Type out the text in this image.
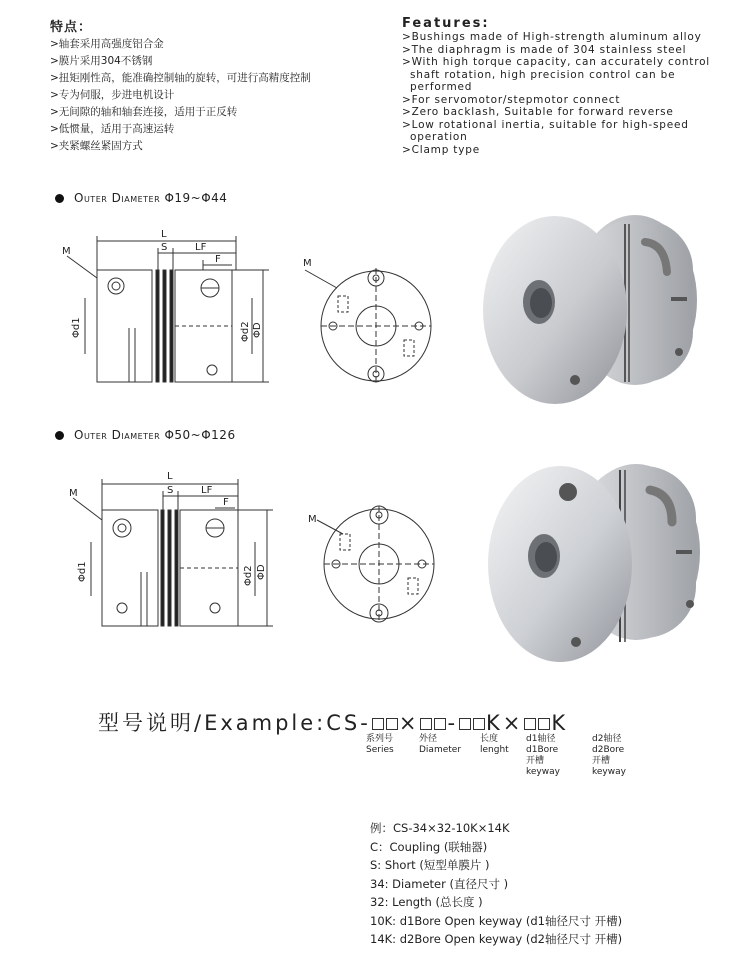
特点：
>轴套采用高强度铝合金
>膜片采用304不锈钢
>扭矩刚性高，能准确控制轴的旋转，可进行高精度控制
>专为伺服，步进电机设计
>无间隙的轴和轴套连接，适用于正反转
>低惯量，适用于高速运转
>夹紧螺丝紧固方式
Features:
>Bushings made of High-strength aluminum alloy
>The diaphragm is made of 304 stainless steel
>With high torque capacity, can accurately control shaft rotation, high precision control can be performed
>For servomotor/stepmotor connect
>Zero backlash, Suitable for forward reverse
>Low rotational inertia, suitable for high-speed operation
>Clamp type
Outer Diameter Φ19~Φ44
L
S	LF
F
M
M
Φd1	Φd2 ΦD
Outer Diameter Φ50~Φ126
L
S	LF
F
M
M
Φd1	Φd2 ΦD
型号说明/Example:CS- × - K× K
系列号
Series
外径
Diameter
长度
lenght
d1轴径
d1Bore
开槽
keyway
d2轴径
d2Bore
开槽
keyway
例：CS-34×32-10K×14K
C：Coupling (联轴器)
S: Short (短型单膜片 )
34: Diameter (直径尺寸 )
32: Length (总长度 )
10K: d1Bore Open keyway (d1轴径尺寸 开槽)
14K: d2Bore Open keyway (d2轴径尺寸 开槽)
